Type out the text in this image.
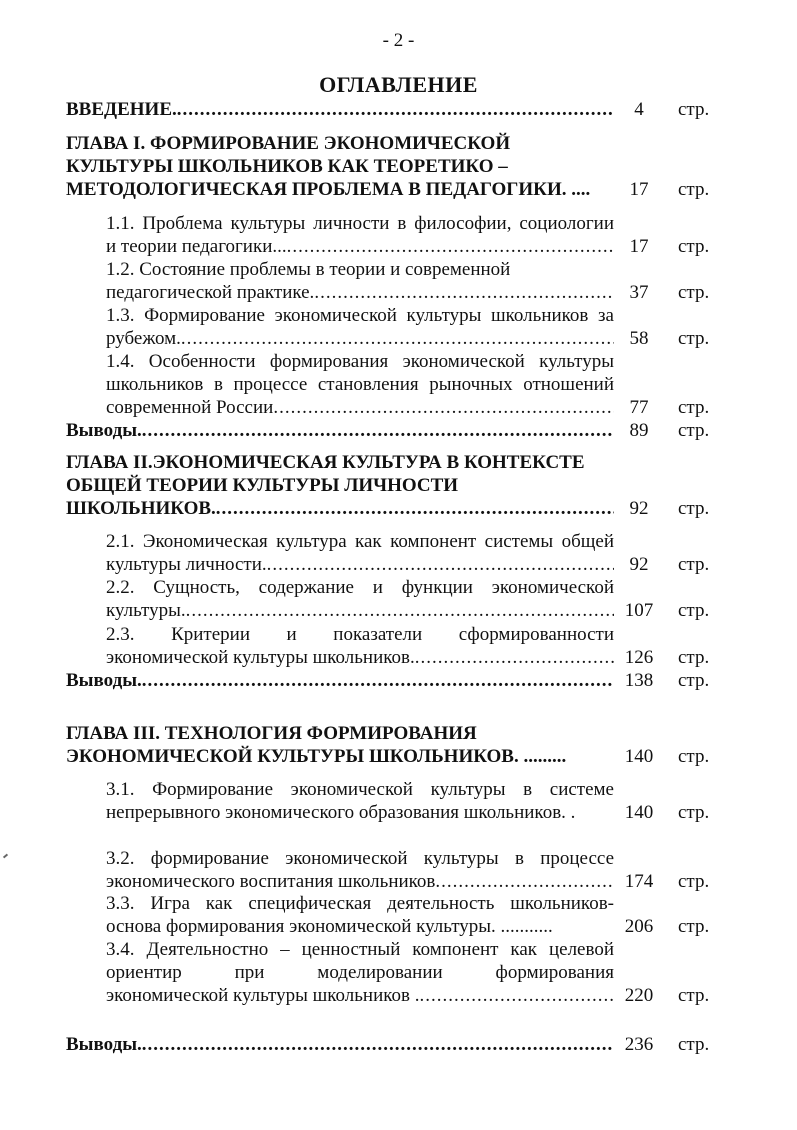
- 2 -
ОГЛАВЛЕНИЕ
ВВЕДЕНИЕ. .....	4	стр.
ГЛАВА I. ФОРМИРОВАНИЕ ЭКОНОМИЧЕСКОЙ
КУЛЬТУРЫ ШКОЛЬНИКОВ КАК ТЕОРЕТИКО –
МЕТОДОЛОГИЧЕСКАЯ ПРОБЛЕМА В ПЕДАГОГИКИ. ....	17	стр.
1.1. Проблема культуры личности в философии, социологии
и теории педагогики... .....	17	стр.
1.2. Состояние проблемы в теории и современной
педагогической практике. .....	37	стр.
1.3. Формирование экономической культуры школьников за
рубежом. .....	58	стр.
1.4. Особенности формирования экономической культуры
школьников в процессе становления рыночных отношений
современной России .....	77	стр.
Выводы. .....	89	стр.
ГЛАВА II.ЭКОНОМИЧЕСКАЯ КУЛЬТУРА В КОНТЕКСТЕ
ОБЩЕЙ ТЕОРИИ КУЛЬТУРЫ ЛИЧНОСТИ
ШКОЛЬНИКОВ. .....	92	стр.
2.1. Экономическая культура как компонент системы общей
культуры личности. .....	92	стр.
2.2. Сущность, содержание и функции экономической
культуры. .....	107	стр.
2.3. Критерии и показатели сформированности
экономической культуры школьников. .....	126	стр.
Выводы. .....	138	стр.
ГЛАВА III. ТЕХНОЛОГИЯ ФОРМИРОВАНИЯ
ЭКОНОМИЧЕСКОЙ КУЛЬТУРЫ ШКОЛЬНИКОВ. .........	140	стр.
3.1. Формирование экономической культуры в системе
непрерывного экономического образования школьников. .	140	стр.
3.2. формирование экономической культуры в процессе
экономического воспитания школьников .....	174	стр.
3.3. Игра как специфическая деятельность школьников-
основа формирования экономической культуры. ...........	206	стр.
3.4. Деятельностно – ценностный компонент как целевой
ориентир при моделировании формирования
экономической культуры школьников . .....	220	стр.
Выводы. .....	236	стр.
